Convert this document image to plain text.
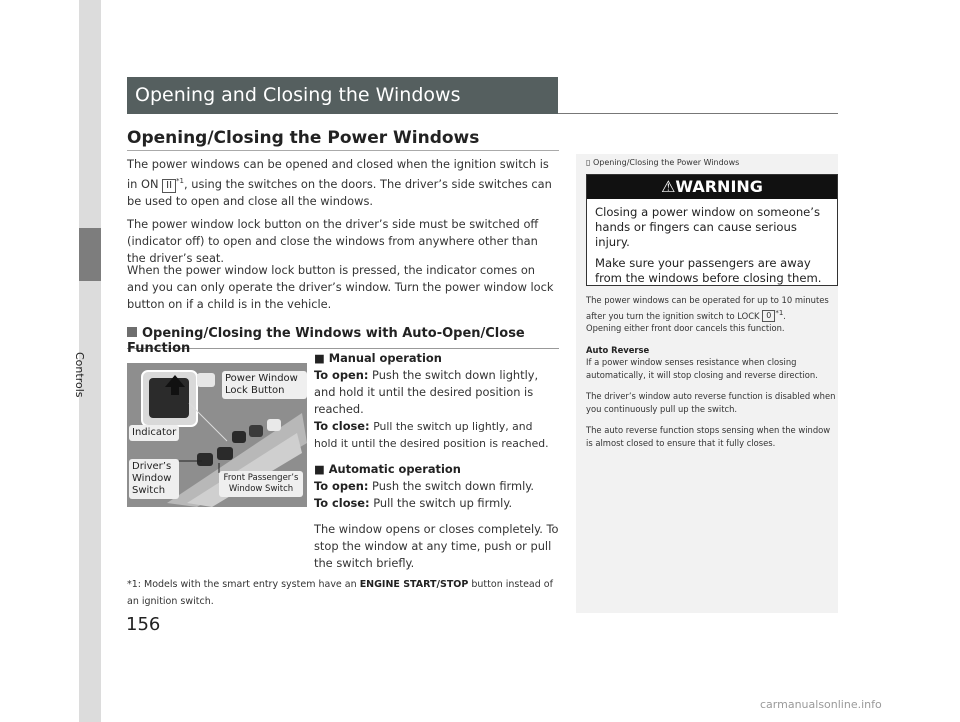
Controls
156
Opening and Closing the Windows
Opening/Closing the Power Windows
The power windows can be opened and closed when the ignition switch is in ON II $^{*1}$, using the switches on the doors. The driver’s side switches can be used to open and close all the windows.
The power window lock button on the driver’s side must be switched off (indicator off) to open and close the windows from anywhere other than the driver’s seat.
When the power window lock button is pressed, the indicator comes on and you can only operate the driver’s window. Turn the power window lock button on if a child is in the vehicle.
Opening/Closing the Windows with Auto-Open/Close Function
Power Window Lock Button
Indicator
Driver’s Window Switch
Front Passenger’s Window Switch
■ Manual operation
To open: Push the switch down lightly, and hold it until the desired position is reached.
To close: Pull the switch up lightly, and hold it until the desired position is reached.
■ Automatic operation
To open: Push the switch down firmly.
To close: Pull the switch up firmly.
The window opens or closes completely. To stop the window at any time, push or pull the switch briefly.
*1: Models with the smart entry system have an ENGINE START/STOP button instead of an ignition switch.
▯ Opening/Closing the Power Windows
⚠WARNING

Closing a power window on someone’s hands or fingers can cause serious injury.

Make sure your passengers are away from the windows before closing them.

The power windows can be operated for up to 10 minutes after you turn the ignition switch to LOCK 0 $^{*1}$.
Opening either front door cancels this function.

Auto Reverse
If a power window senses resistance when closing automatically, it will stop closing and reverse direction.

The driver’s window auto reverse function is disabled when you continuously pull up the switch.

The auto reverse function stops sensing when the window is almost closed to ensure that it fully closes.

carmanualsonline.info
